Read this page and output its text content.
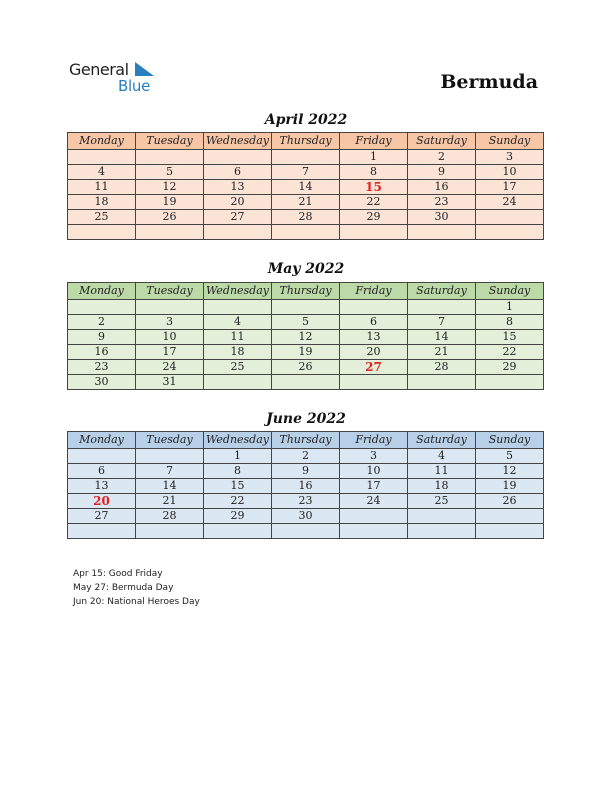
General
Blue	Bermuda
April 2022
Monday	Tuesday	Wednesday	Thursday	Friday	Saturday	Sunday
				1	2	3
4	5	6	7	8	9	10
11	12	13	14	15	16	17
18	19	20	21	22	23	24
25	26	27	28	29	30	

May 2022
Monday	Tuesday	Wednesday	Thursday	Friday	Saturday	Sunday
						1
2	3	4	5	6	7	8
9	10	11	12	13	14	15
16	17	18	19	20	21	22
23	24	25	26	27	28	29
30	31					
June 2022
Monday	Tuesday	Wednesday	Thursday	Friday	Saturday	Sunday
		1	2	3	4	5
6	7	8	9	10	11	12
13	14	15	16	17	18	19
20	21	22	23	24	25	26
27	28	29	30			

Apr 15: Good Friday
May 27: Bermuda Day
Jun 20: National Heroes Day
